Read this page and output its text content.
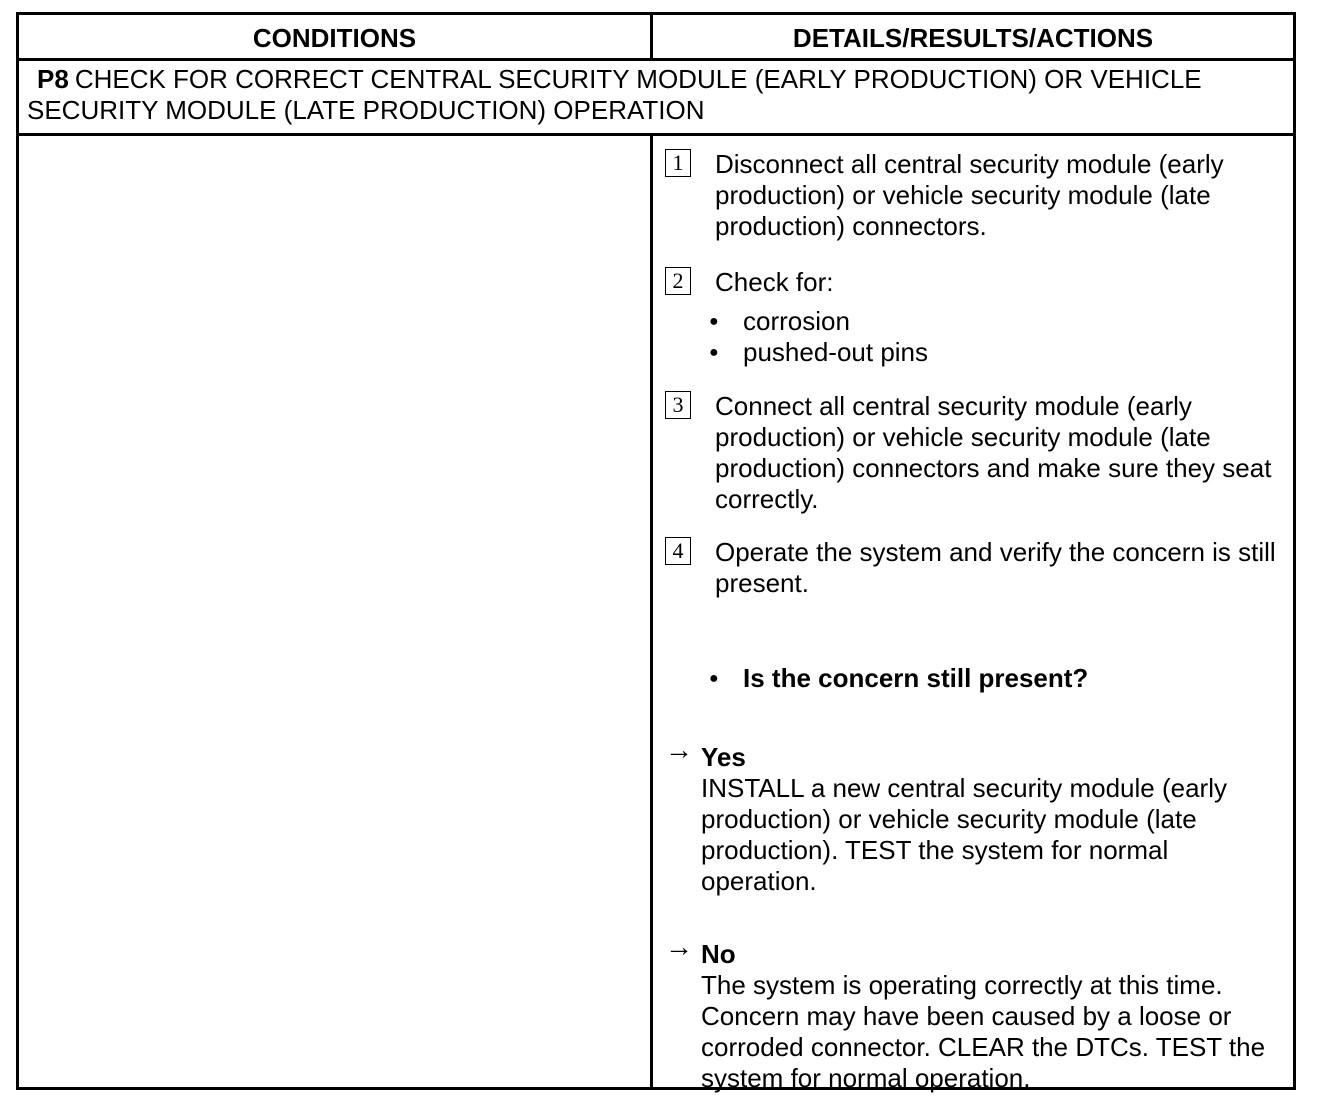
CONDITIONS	DETAILS/RESULTS/ACTIONS
P8 CHECK FOR CORRECT CENTRAL SECURITY MODULE (EARLY PRODUCTION) OR VEHICLE SECURITY MODULE (LATE PRODUCTION) OPERATION
1 Disconnect all central security module (early production) or vehicle security module (late production) connectors.
2 Check for:
● corrosion
● pushed-out pins
3 Connect all central security module (early production) or vehicle security module (late production) connectors and make sure they seat correctly.
4 Operate the system and verify the concern is still present.
● Is the concern still present?
→ Yes
INSTALL a new central security module (early production) or vehicle security module (late production). TEST the system for normal operation.
→ No
The system is operating correctly at this time. Concern may have been caused by a loose or corroded connector. CLEAR the DTCs. TEST the system for normal operation.
